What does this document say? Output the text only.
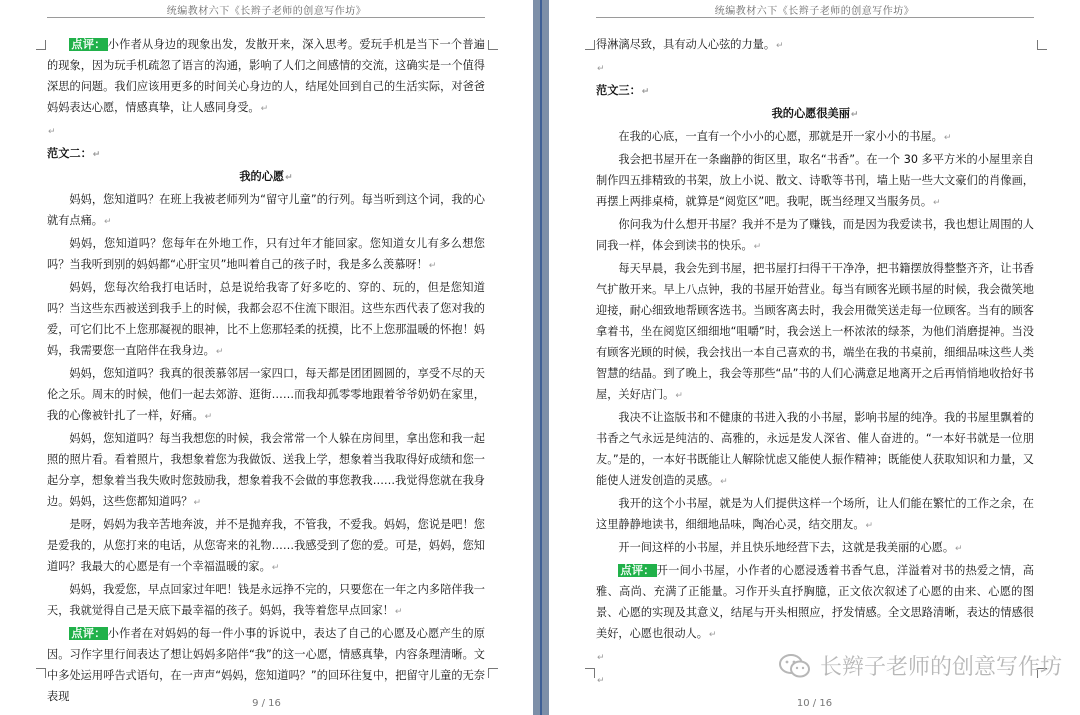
统编教材六下《长辫子老师的创意写作坊》

点评： 小作者从身边的现象出发，发散开来，深入思考。爱玩手机是当下一个普遍的现象，因为玩手机疏忽了语言的沟通，影响了人们之间感情的交流，这确实是一个值得深思的问题。我们应该用更多的时间关心身边的人，结尾处回到自己的生活实际，对爸爸妈妈表达心愿，情感真挚，让人感同身受。↵

↵

范文二：↵

我的心愿↵

妈妈，您知道吗？在班上我被老师列为“留守儿童”的行列。每当听到这个词，我的心就有点痛。↵

妈妈，您知道吗？您每年在外地工作，只有过年才能回家。您知道女儿有多么想您吗？当我听到别的妈妈都“心肝宝贝”地叫着自己的孩子时，我是多么羡慕呀！↵

妈妈，您每次给我打电话时，总是说给我寄了好多吃的、穿的、玩的，但是您知道吗？当这些东西被送到我手上的时候，我都会忍不住流下眼泪。这些东西代表了您对我的爱，可它们比不上您那凝视的眼神，比不上您那轻柔的抚摸，比不上您那温暖的怀抱！妈妈，我需要您一直陪伴在我身边。↵

妈妈，您知道吗？我真的很羡慕邻居一家四口，每天都是团团圆圆的，享受不尽的天伦之乐。周末的时候，他们一起去郊游、逛街……而我却孤零零地跟着爷爷奶奶在家里，我的心像被针扎了一样，好痛。↵

妈妈，您知道吗？每当我想您的时候，我会常常一个人躲在房间里，拿出您和我一起照的照片看。看着照片，我想象着您为我做饭、送我上学，想象着当我取得好成绩和您一起分享，想象着当我失败时您鼓励我，想象着我不会做的事您教我……我觉得您就在我身边。妈妈，这些您都知道吗？↵

是呀，妈妈为我辛苦地奔波，并不是抛弃我，不管我，不爱我。妈妈，您说是吧！您是爱我的，从您打来的电话，从您寄来的礼物……我感受到了您的爱。可是，妈妈，您知道吗？我最大的心愿是有一个幸福温暖的家。↵

妈妈，我爱您，早点回家过年吧！钱是永远挣不完的，只要您在一年之内多陪伴我一天，我就觉得自己是天底下最幸福的孩子。妈妈，我等着您早点回家！↵

点评： 小作者在对妈妈的每一件小事的诉说中，表达了自己的心愿及心愿产生的原因。习作字里行间表达了想让妈妈多陪伴“我”的这一心愿，情感真挚，内容条理清晰。文中多处运用呼告式语句，在一声声“妈妈，您知道吗？”的回环往复中，把留守儿童的无奈表现

9 / 16
统编教材六下《长辫子老师的创意写作坊》

得淋漓尽致，具有动人心弦的力量。↵

↵

范文三：↵

我的心愿很美丽↵

在我的心底，一直有一个小小的心愿，那就是开一家小小的书屋。↵

我会把书屋开在一条幽静的街区里，取名“书香”。在一个 30 多平方米的小屋里亲自制作四五排精致的书架，放上小说、散文、诗歌等书刊，墙上贴一些大文豪们的肖像画，再摆上两排桌椅，就算是“阅览区”吧。我呢，既当经理又当服务员。↵

你问我为什么想开书屋？我并不是为了赚钱，而是因为我爱读书，我也想让周围的人同我一样，体会到读书的快乐。↵

每天早晨，我会先到书屋，把书屋打扫得干干净净，把书籍摆放得整整齐齐，让书香气扩散开来。早上八点钟，我的书屋开始营业。每当有顾客光顾书屋的时候，我会微笑地迎接，耐心细致地帮顾客选书。当顾客离去时，我会用微笑送走每一位顾客。当有的顾客拿着书，坐在阅览区细细地“咀嚼”时，我会送上一杯浓浓的绿茶，为他们消磨提神。当没有顾客光顾的时候，我会找出一本自己喜欢的书，端坐在我的书桌前，细细品味这些人类智慧的结晶。到了晚上，我会等那些“品”书的人们心满意足地离开之后再悄悄地收拾好书屋，关好店门。↵

我决不让盗版书和不健康的书进入我的小书屋，影响书屋的纯净。我的书屋里飘着的书香之气永远是纯洁的、高雅的，永远是发人深省、催人奋进的。“一本好书就是一位朋友。”是的，一本好书既能让人解除忧虑又能使人振作精神；既能使人获取知识和力量，又能使人迸发创造的灵感。↵

我开的这个小书屋，就是为人们提供这样一个场所，让人们能在繁忙的工作之余，在这里静静地读书，细细地品味，陶冶心灵，结交朋友。↵

开一间这样的小书屋，并且快乐地经营下去，这就是我美丽的心愿。↵

点评： 开一间小书屋，小作者的心愿浸透着书香气息，洋溢着对书的热爱之情，高雅、高尚、充满了正能量。习作开头直抒胸臆，正文依次叙述了心愿的由来、心愿的图景、心愿的实现及其意义，结尾与开头相照应，抒发情感。全文思路清晰，表达的情感很美好，心愿也很动人。↵

↵

↵

10 / 16
长辫子老师的创意写作坊
